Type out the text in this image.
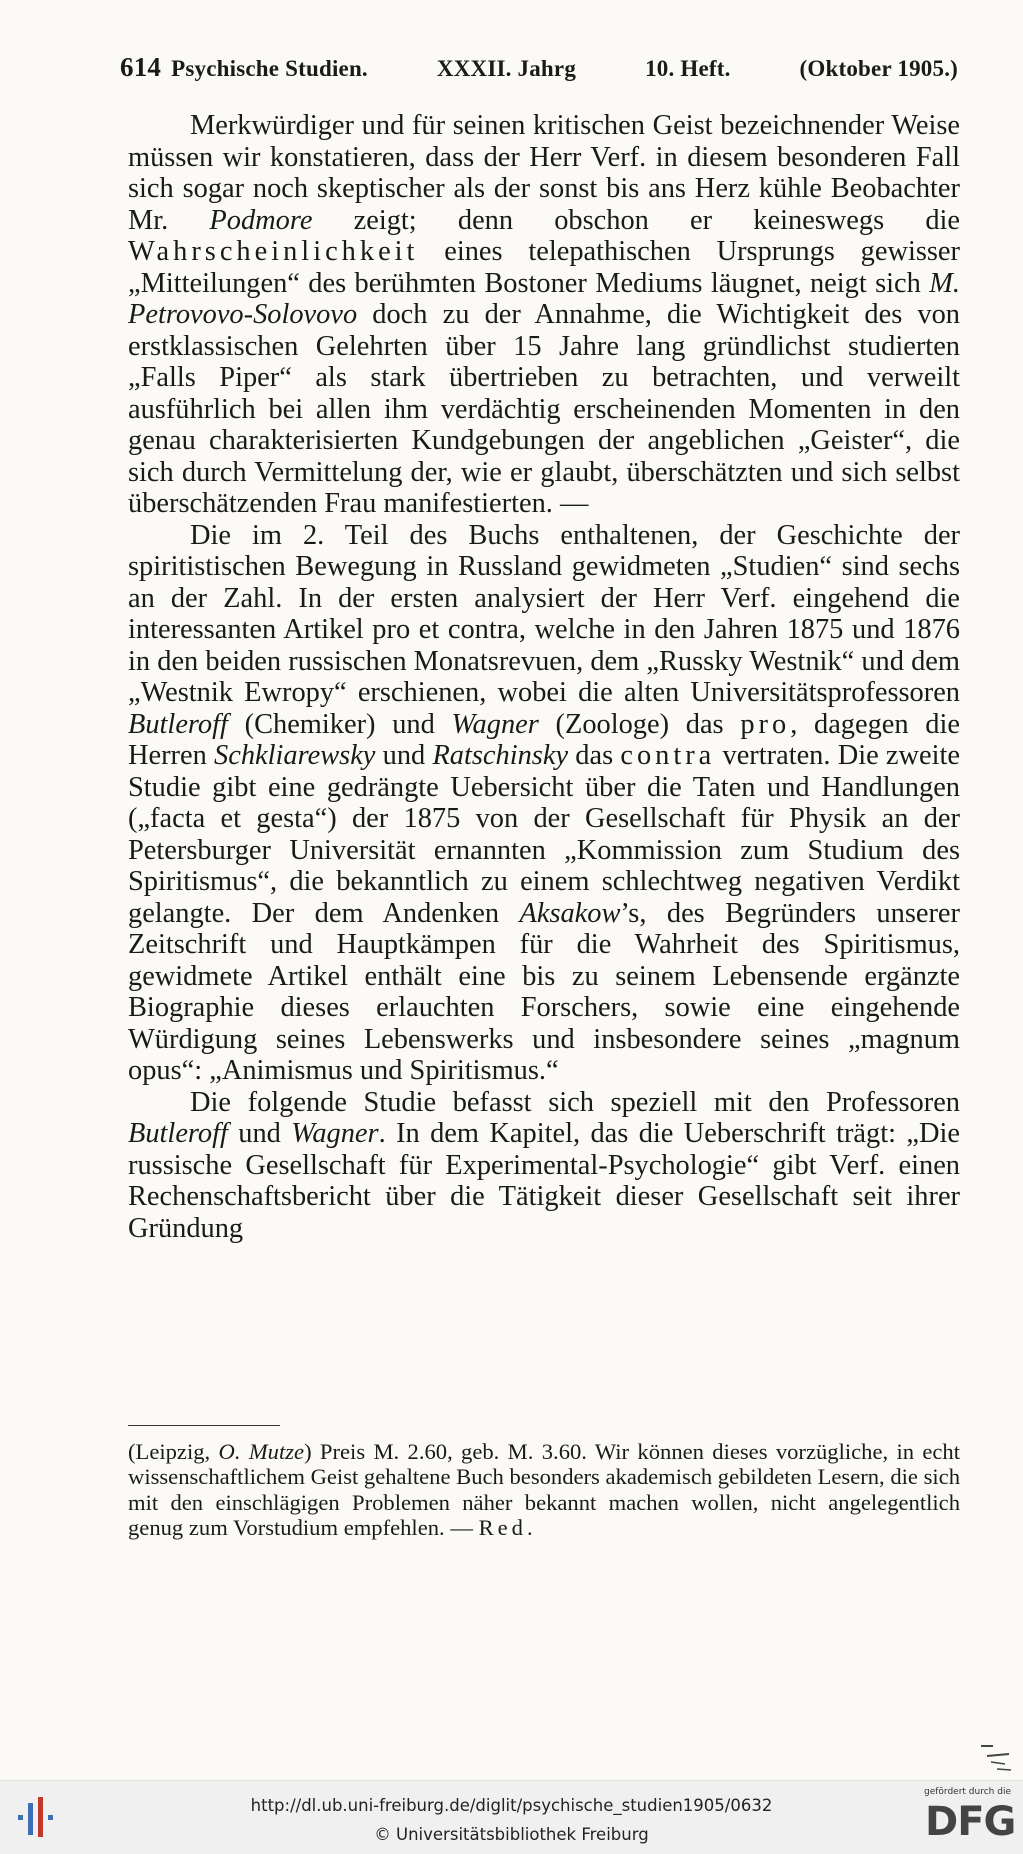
614 Psychische Studien.	XXXII. Jahrg	10. Heft.	(Oktober 1905.)

Merkwürdiger und für seinen kritischen Geist bezeichnender Weise müssen wir konstatieren, dass der Herr Verf. in diesem besonderen Fall sich sogar noch skeptischer als der sonst bis ans Herz kühle Beobachter Mr. Podmore zeigt; denn obschon er keineswegs die Wahrscheinlichkeit eines telepathischen Ursprungs gewisser „Mitteilungen“ des berühmten Bostoner Mediums läugnet, neigt sich M. Petrovovo-Solovovo doch zu der Annahme, die Wichtigkeit des von erstklassischen Gelehrten über 15 Jahre lang gründlichst studierten „Falls Piper“ als stark übertrieben zu betrachten, und verweilt ausführlich bei allen ihm verdächtig erscheinenden Momenten in den genau charakterisierten Kundgebungen der angeblichen „Geister“, die sich durch Vermittelung der, wie er glaubt, überschätzten und sich selbst überschätzenden Frau manifestierten. —

Die im 2. Teil des Buchs enthaltenen, der Geschichte der spiritistischen Bewegung in Russland gewidmeten „Studien“ sind sechs an der Zahl. In der ersten analysiert der Herr Verf. eingehend die interessanten Artikel pro et contra, welche in den Jahren 1875 und 1876 in den beiden russischen Monatsrevuen, dem „Russky Westnik“ und dem „Westnik Ewropy“ erschienen, wobei die alten Universitätsprofessoren Butleroff (Chemiker) und Wagner (Zoologe) das pro, dagegen die Herren Schkliarewsky und Ratschinsky das contra vertraten. Die zweite Studie gibt eine gedrängte Uebersicht über die Taten und Handlungen („facta et gesta“) der 1875 von der Gesellschaft für Physik an der Petersburger Universität ernannten „Kommission zum Studium des Spiritismus“, die bekanntlich zu einem schlechtweg negativen Verdikt gelangte. Der dem Andenken Aksakow’s, des Begründers unserer Zeitschrift und Hauptkämpen für die Wahrheit des Spiritismus, gewidmete Artikel enthält eine bis zu seinem Lebensende ergänzte Biographie dieses erlauchten Forschers, sowie eine eingehende Würdigung seines Lebenswerks und insbesondere seines „magnum opus“: „Animismus und Spiritismus.“

Die folgende Studie befasst sich speziell mit den Professoren Butleroff und Wagner. In dem Kapitel, das die Ueberschrift trägt: „Die russische Gesellschaft für Experimental-Psychologie“ gibt Verf. einen Rechenschaftsbericht über die Tätigkeit dieser Gesellschaft seit ihrer Gründung

(Leipzig, O. Mutze) Preis M. 2.60, geb. M. 3.60. Wir können dieses vorzügliche, in echt wissenschaftlichem Geist gehaltene Buch besonders akademisch gebildeten Lesern, die sich mit den einschlägigen Problemen näher bekannt machen wollen, nicht angelegentlich genug zum Vorstudium empfehlen. — Red.

http://dl.ub.uni-freiburg.de/diglit/psychische_studien1905/0632
© Universitätsbibliothek Freiburg
gefördert durch die
DFG
